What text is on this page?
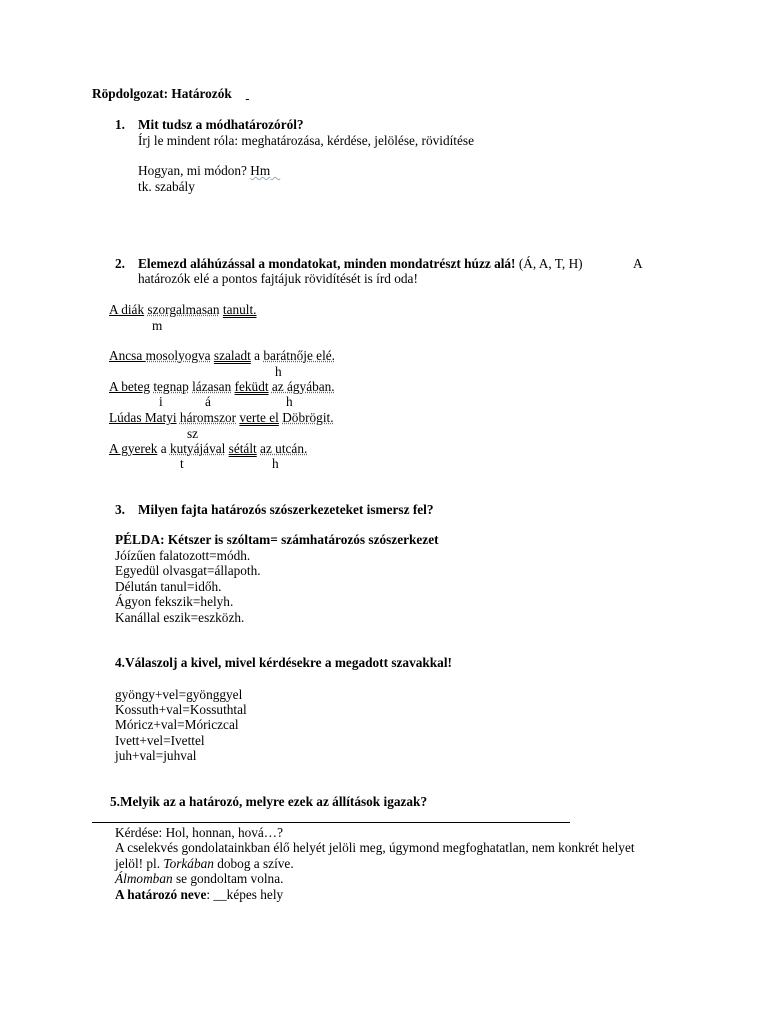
Röpdolgozat: Határozók
1. Mit tudsz a módhatározóról?
Írj le mindent róla: meghatározása, kérdése, jelölése, rövidítése
Hogyan, mi módon? Hm
tk. szabály
2. Elemezd aláhúzással a mondatokat, minden mondatrészt húzz alá! (Á, A, T, H)	A
határozók elé a pontos fajtájuk rövidítését is írd oda!
A diák szorgalmasan tanult.
m
Ancsa mosolyogva szaladt a barátnője elé.
h
A beteg tegnap lázasan feküdt az ágyában.
i	á	h
Lúdas Matyi háromszor verte el Döbrögit.
sz
A gyerek a kutyájával sétált az utcán.
t	h
3. Milyen fajta határozós szószerkezeteket ismersz fel?
PÉLDA: Kétszer is szóltam= számhatározós szószerkezet
Jóízűen falatozott=módh.
Egyedül olvasgat=állapoth.
Délután tanul=időh.
Ágyon fekszik=helyh.
Kanállal eszik=eszközh.
4.Válaszolj a kivel, mivel kérdésekre a megadott szavakkal!
gyöngy+vel=gyönggyel
Kossuth+val=Kossuthtal
Móricz+val=Móriczcal
Ivett+vel=Ivettel
juh+val=juhval
5.Melyik az a határozó, melyre ezek az állítások igazak?
Kérdése: Hol, honnan, hová…?
A cselekvés gondolatainkban élő helyét jelöli meg, úgymond megfoghatatlan, nem konkrét helyet
jelöl! pl. Torkában dobog a szíve.
Álmomban se gondoltam volna.
A határozó neve: __képes hely
